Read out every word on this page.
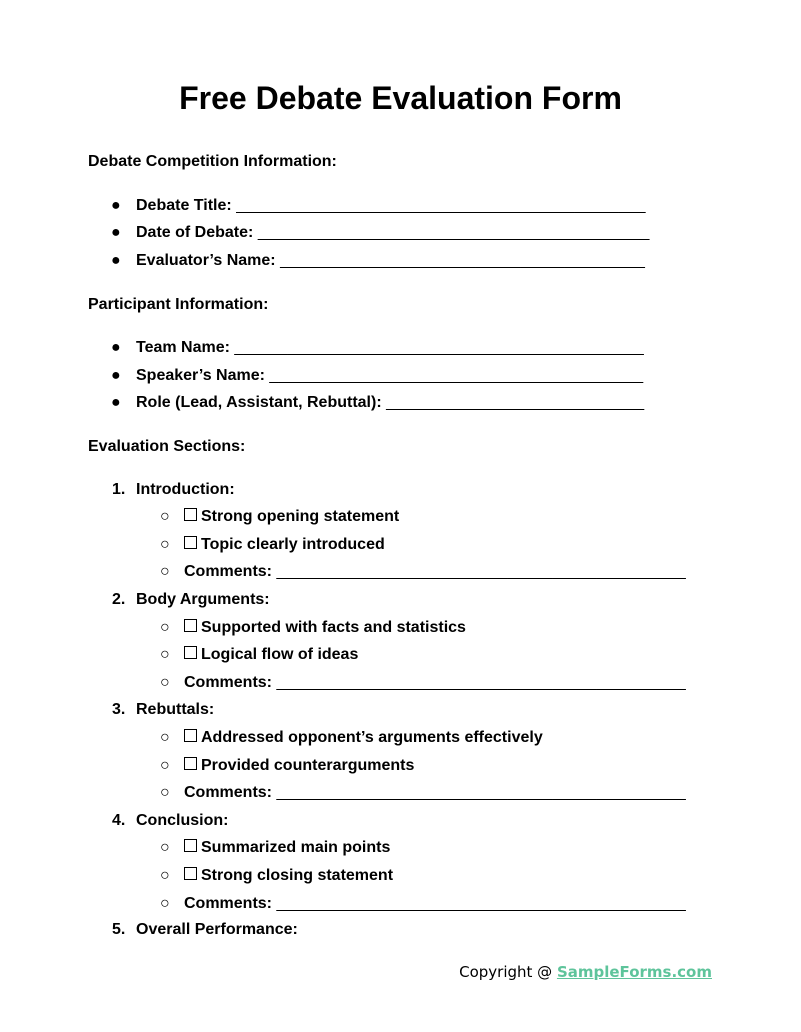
Free Debate Evaluation Form
Debate Competition Information:
● Debate Title: ______________________________________________
● Date of Debate: ____________________________________________
● Evaluator’s Name: _________________________________________
Participant Information:
● Team Name: ______________________________________________
● Speaker’s Name: __________________________________________
● Role (Lead, Assistant, Rebuttal): _____________________________
Evaluation Sections:
1. Introduction:
○	Strong opening statement
○	Topic clearly introduced
○ Comments: ______________________________________________
2. Body Arguments:
○	Supported with facts and statistics
○	Logical flow of ideas
○ Comments: ______________________________________________
3. Rebuttals:
○	Addressed opponent’s arguments effectively
○	Provided counterarguments
○ Comments: ______________________________________________
4. Conclusion:
○	Summarized main points
○	Strong closing statement
○ Comments: ______________________________________________
5. Overall Performance:
Copyright @ SampleForms.com
